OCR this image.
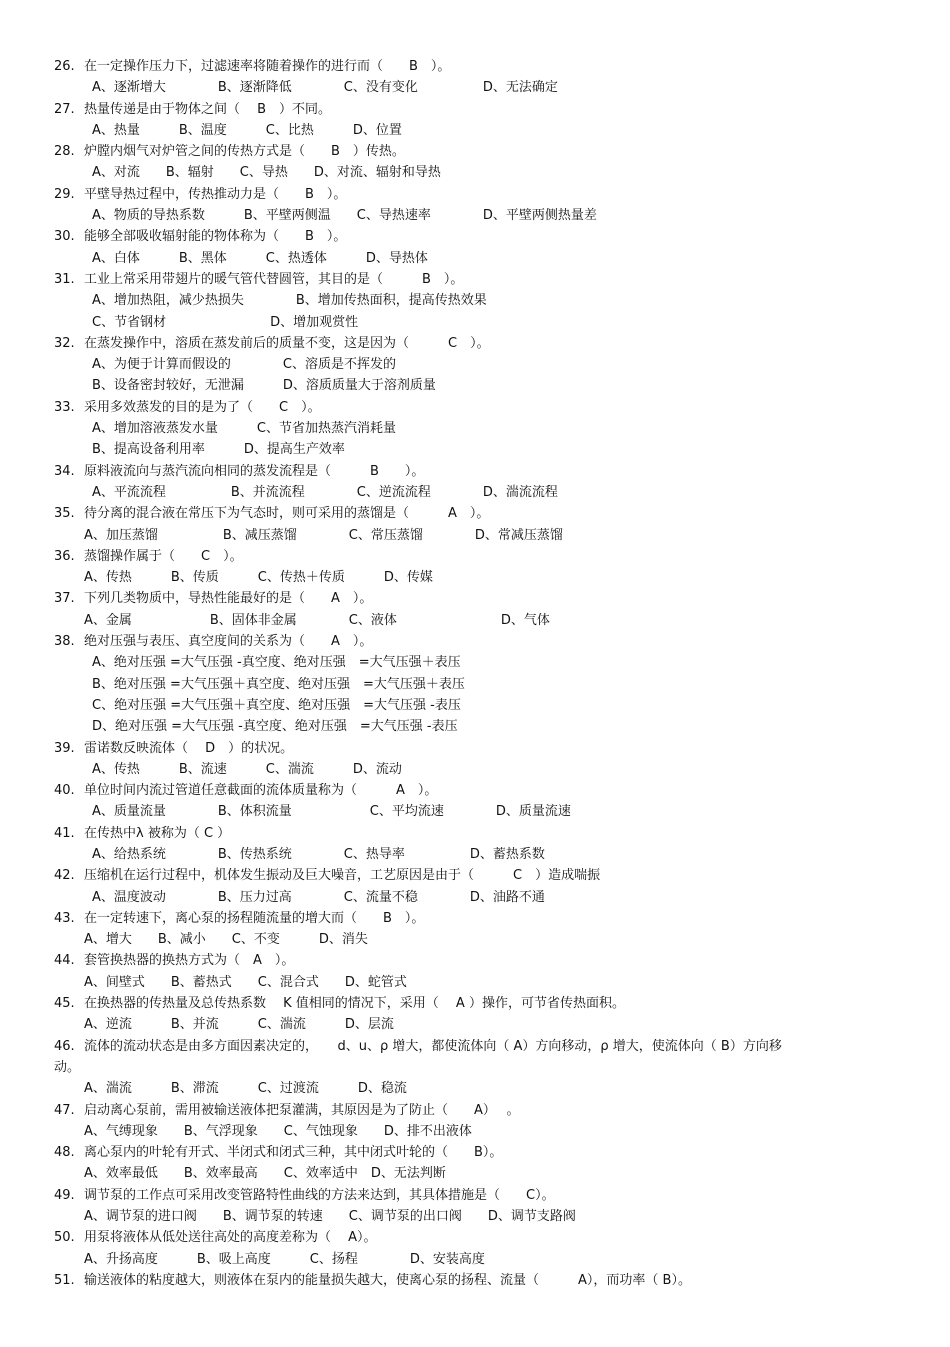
26. 在一定操作压力下，过滤速率将随着操作的进行而（　　B　）。
A、逐渐增大　　　　B、逐渐降低　　　　C、没有变化　　　　　D、无法确定
27. 热量传递是由于物体之间（　 B　）不同。
A、热量　　　B、温度　　　C、比热　　　D、位置
28. 炉膛内烟气对炉管之间的传热方式是（　　B　）传热。
A、对流　　B、辐射　　C、导热　　D、对流、辐射和导热
29. 平壁导热过程中，传热推动力是（　　B　）。
A、物质的导热系数　　　B、平壁两侧温　　C、导热速率　　　　D、平壁两侧热量差
30. 能够全部吸收辐射能的物体称为（　　B　）。
A、白体　　　B、黑体　　　C、热透体　　　D、导热体
31. 工业上常采用带翅片的暖气管代替圆管，其目的是（　　　B　）。
A、增加热阻，减少热损失　　　　B、增加传热面积，提高传热效果
C、节省钢材　　　　　　　　D、增加观赏性
32. 在蒸发操作中，溶质在蒸发前后的质量不变，这是因为（　　　C　）。
A、为便于计算而假设的　　　　C、溶质是不挥发的
B、设备密封较好，无泄漏　　　D、溶质质量大于溶剂质量
33. 采用多效蒸发的目的是为了（　　C　）。
A、增加溶液蒸发水量　　　C、节省加热蒸汽消耗量
B、提高设备利用率　　　D、提高生产效率
34. 原料液流向与蒸汽流向相同的蒸发流程是（　　　B　　）。
A、平流流程　　　　　B、并流流程　　　　C、逆流流程　　　　D、湍流流程
35. 待分离的混合液在常压下为气态时，则可采用的蒸馏是（　　　A　）。
A、加压蒸馏　　　　　B、减压蒸馏　　　　C、常压蒸馏　　　　D、常减压蒸馏
36. 蒸馏操作属于（　　C　）。
A、传热　　　B、传质　　　C、传热＋传质　　　D、传媒
37. 下列几类物质中，导热性能最好的是（　　A　）。
A、金属　　　　　　B、固体非金属　　　　C、液体　　　　　　　　D、气体
38. 绝对压强与表压、真空度间的关系为（　　A　）。
A、绝对压强 =大气压强 -真空度、绝对压强　=大气压强＋表压
B、绝对压强 =大气压强＋真空度、绝对压强　=大气压强＋表压
C、绝对压强 =大气压强＋真空度、绝对压强　=大气压强 -表压
D、绝对压强 =大气压强 -真空度、绝对压强　=大气压强 -表压
39. 雷诺数反映流体（　 D　）的状况。
A、传热　　　B、流速　　　C、湍流　　　D、流动
40. 单位时间内流过管道任意截面的流体质量称为（　　　A　）。
A、质量流量　　　　B、体积流量　　　　　　C、平均流速　　　　D、质量流速
41. 在传热中λ 被称为（ C ）
A、给热系统　　　　B、传热系统　　　　C、热导率　　　　　D、蓄热系数
42. 压缩机在运行过程中，机体发生振动及巨大噪音，工艺原因是由于（　　　C　）造成喘振
A、温度波动　　　　B、压力过高　　　　C、流量不稳　　　　D、油路不通
43. 在一定转速下，离心泵的扬程随流量的增大而（　　B　）。
A、增大　　B、减小　　C、不变　　　D、消失
44. 套管换热器的换热方式为（　A　）。
A、间壁式　　B、蓄热式　　C、混合式　　D、蛇管式
45. 在换热器的传热量及总传热系数　 K 值相同的情况下，采用（　 A ）操作，可节省传热面积。
A、逆流　　　B、并流　　　C、湍流　　　D、层流
46. 流体的流动状态是由多方面因素决定的，　　d、u、ρ 增大，都使流体向（ A）方向移动，ρ 增大，使流体向（ B）方向移
动。
A、湍流　　　B、滞流　　　C、过渡流　　　D、稳流
47. 启动离心泵前，需用被输送液体把泵灌满，其原因是为了防止（　　A）　 。
A、气缚现象　　B、气浮现象　　C、气蚀现象　　D、排不出液体
48. 离心泵内的叶轮有开式、半闭式和闭式三种，其中闭式叶轮的（　　B）。
A、效率最低　　B、效率最高　　C、效率适中　D、无法判断
49. 调节泵的工作点可采用改变管路特性曲线的方法来达到，其具体措施是（　　C）。
A、调节泵的进口阀　　B、调节泵的转速　　C、调节泵的出口阀　　D、调节支路阀
50. 用泵将液体从低处送往高处的高度差称为（　 A）。
A、升扬高度　　　B、吸上高度　　　C、扬程　　　　D、安装高度
51. 输送液体的粘度越大，则液体在泵内的能量损失越大，使离心泵的扬程、流量（　　　A），而功率（ B）。
